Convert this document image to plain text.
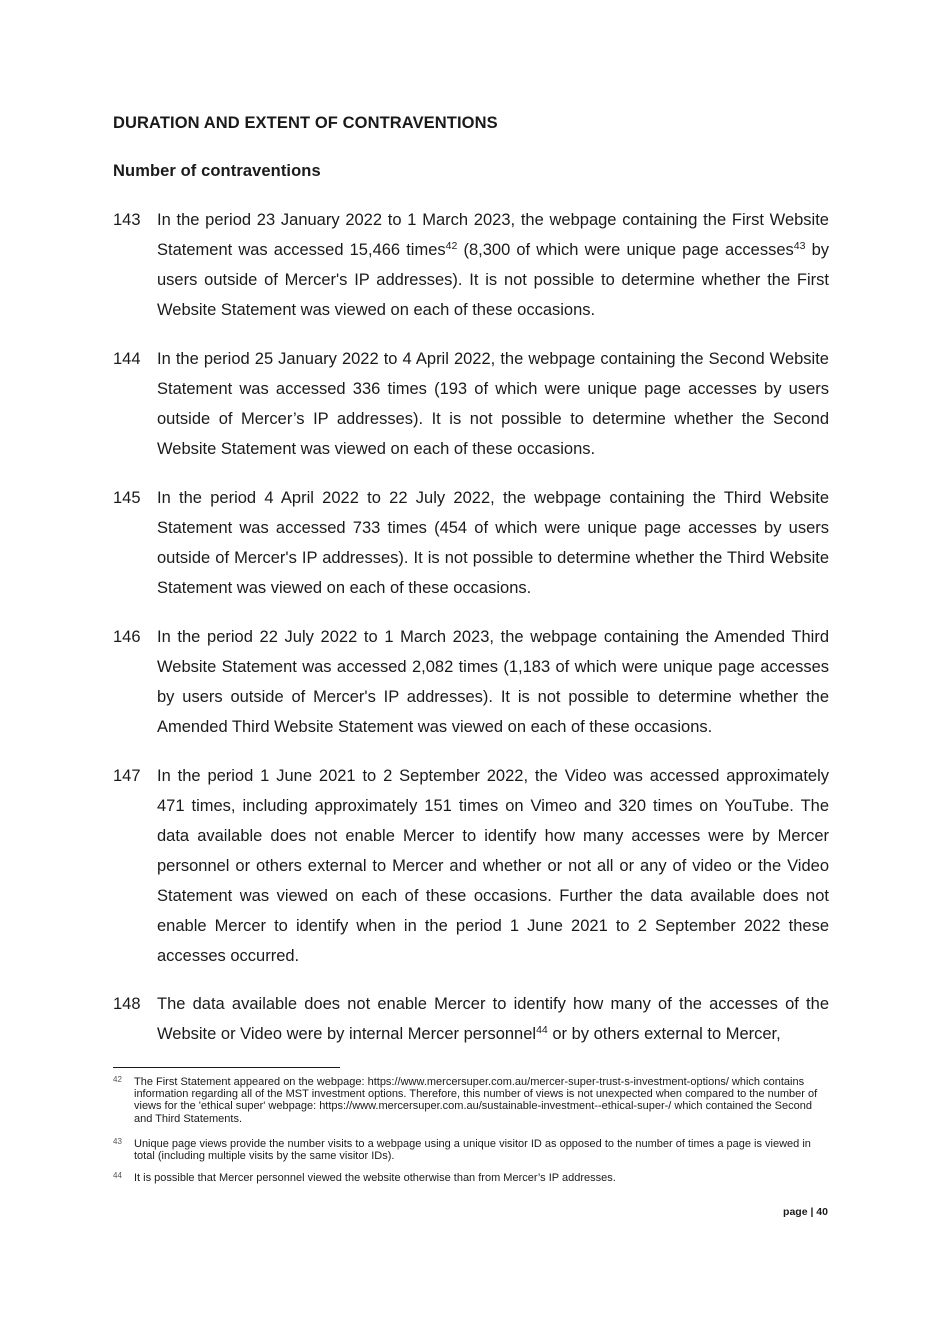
DURATION AND EXTENT OF CONTRAVENTIONS
Number of contraventions
143 In the period 23 January 2022 to 1 March 2023, the webpage containing the First Website Statement was accessed 15,466 times$^{42}$ (8,300 of which were unique page accesses$^{43}$ by users outside of Mercer's IP addresses). It is not possible to determine whether the First Website Statement was viewed on each of these occasions.
144 In the period 25 January 2022 to 4 April 2022, the webpage containing the Second Website Statement was accessed 336 times (193 of which were unique page accesses by users outside of Mercer’s IP addresses). It is not possible to determine whether the Second Website Statement was viewed on each of these occasions.
145 In the period 4 April 2022 to 22 July 2022, the webpage containing the Third Website Statement was accessed 733 times (454 of which were unique page accesses by users outside of Mercer's IP addresses). It is not possible to determine whether the Third Website Statement was viewed on each of these occasions.
146 In the period 22 July 2022 to 1 March 2023, the webpage containing the Amended Third Website Statement was accessed 2,082 times (1,183 of which were unique page accesses by users outside of Mercer's IP addresses). It is not possible to determine whether the Amended Third Website Statement was viewed on each of these occasions.
147 In the period 1 June 2021 to 2 September 2022, the Video was accessed approximately 471 times, including approximately 151 times on Vimeo and 320 times on YouTube. The data available does not enable Mercer to identify how many accesses were by Mercer personnel or others external to Mercer and whether or not all or any of video or the Video Statement was viewed on each of these occasions. Further the data available does not enable Mercer to identify when in the period 1 June 2021 to 2 September 2022 these accesses occurred.
148 The data available does not enable Mercer to identify how many of the accesses of the Website or Video were by internal Mercer personnel$^{44}$ or by others external to Mercer,
42 The First Statement appeared on the webpage: https://www.mercersuper.com.au/mercer-super-trust-s-investment-options/ which contains information regarding all of the MST investment options. Therefore, this number of views is not unexpected when compared to the number of views for the 'ethical super' webpage: https://www.mercersuper.com.au/sustainable-investment--ethical-super-/ which contained the Second and Third Statements.
43 Unique page views provide the number visits to a webpage using a unique visitor ID as opposed to the number of times a page is viewed in total (including multiple visits by the same visitor IDs).
44 It is possible that Mercer personnel viewed the website otherwise than from Mercer’s IP addresses.
page | 40
